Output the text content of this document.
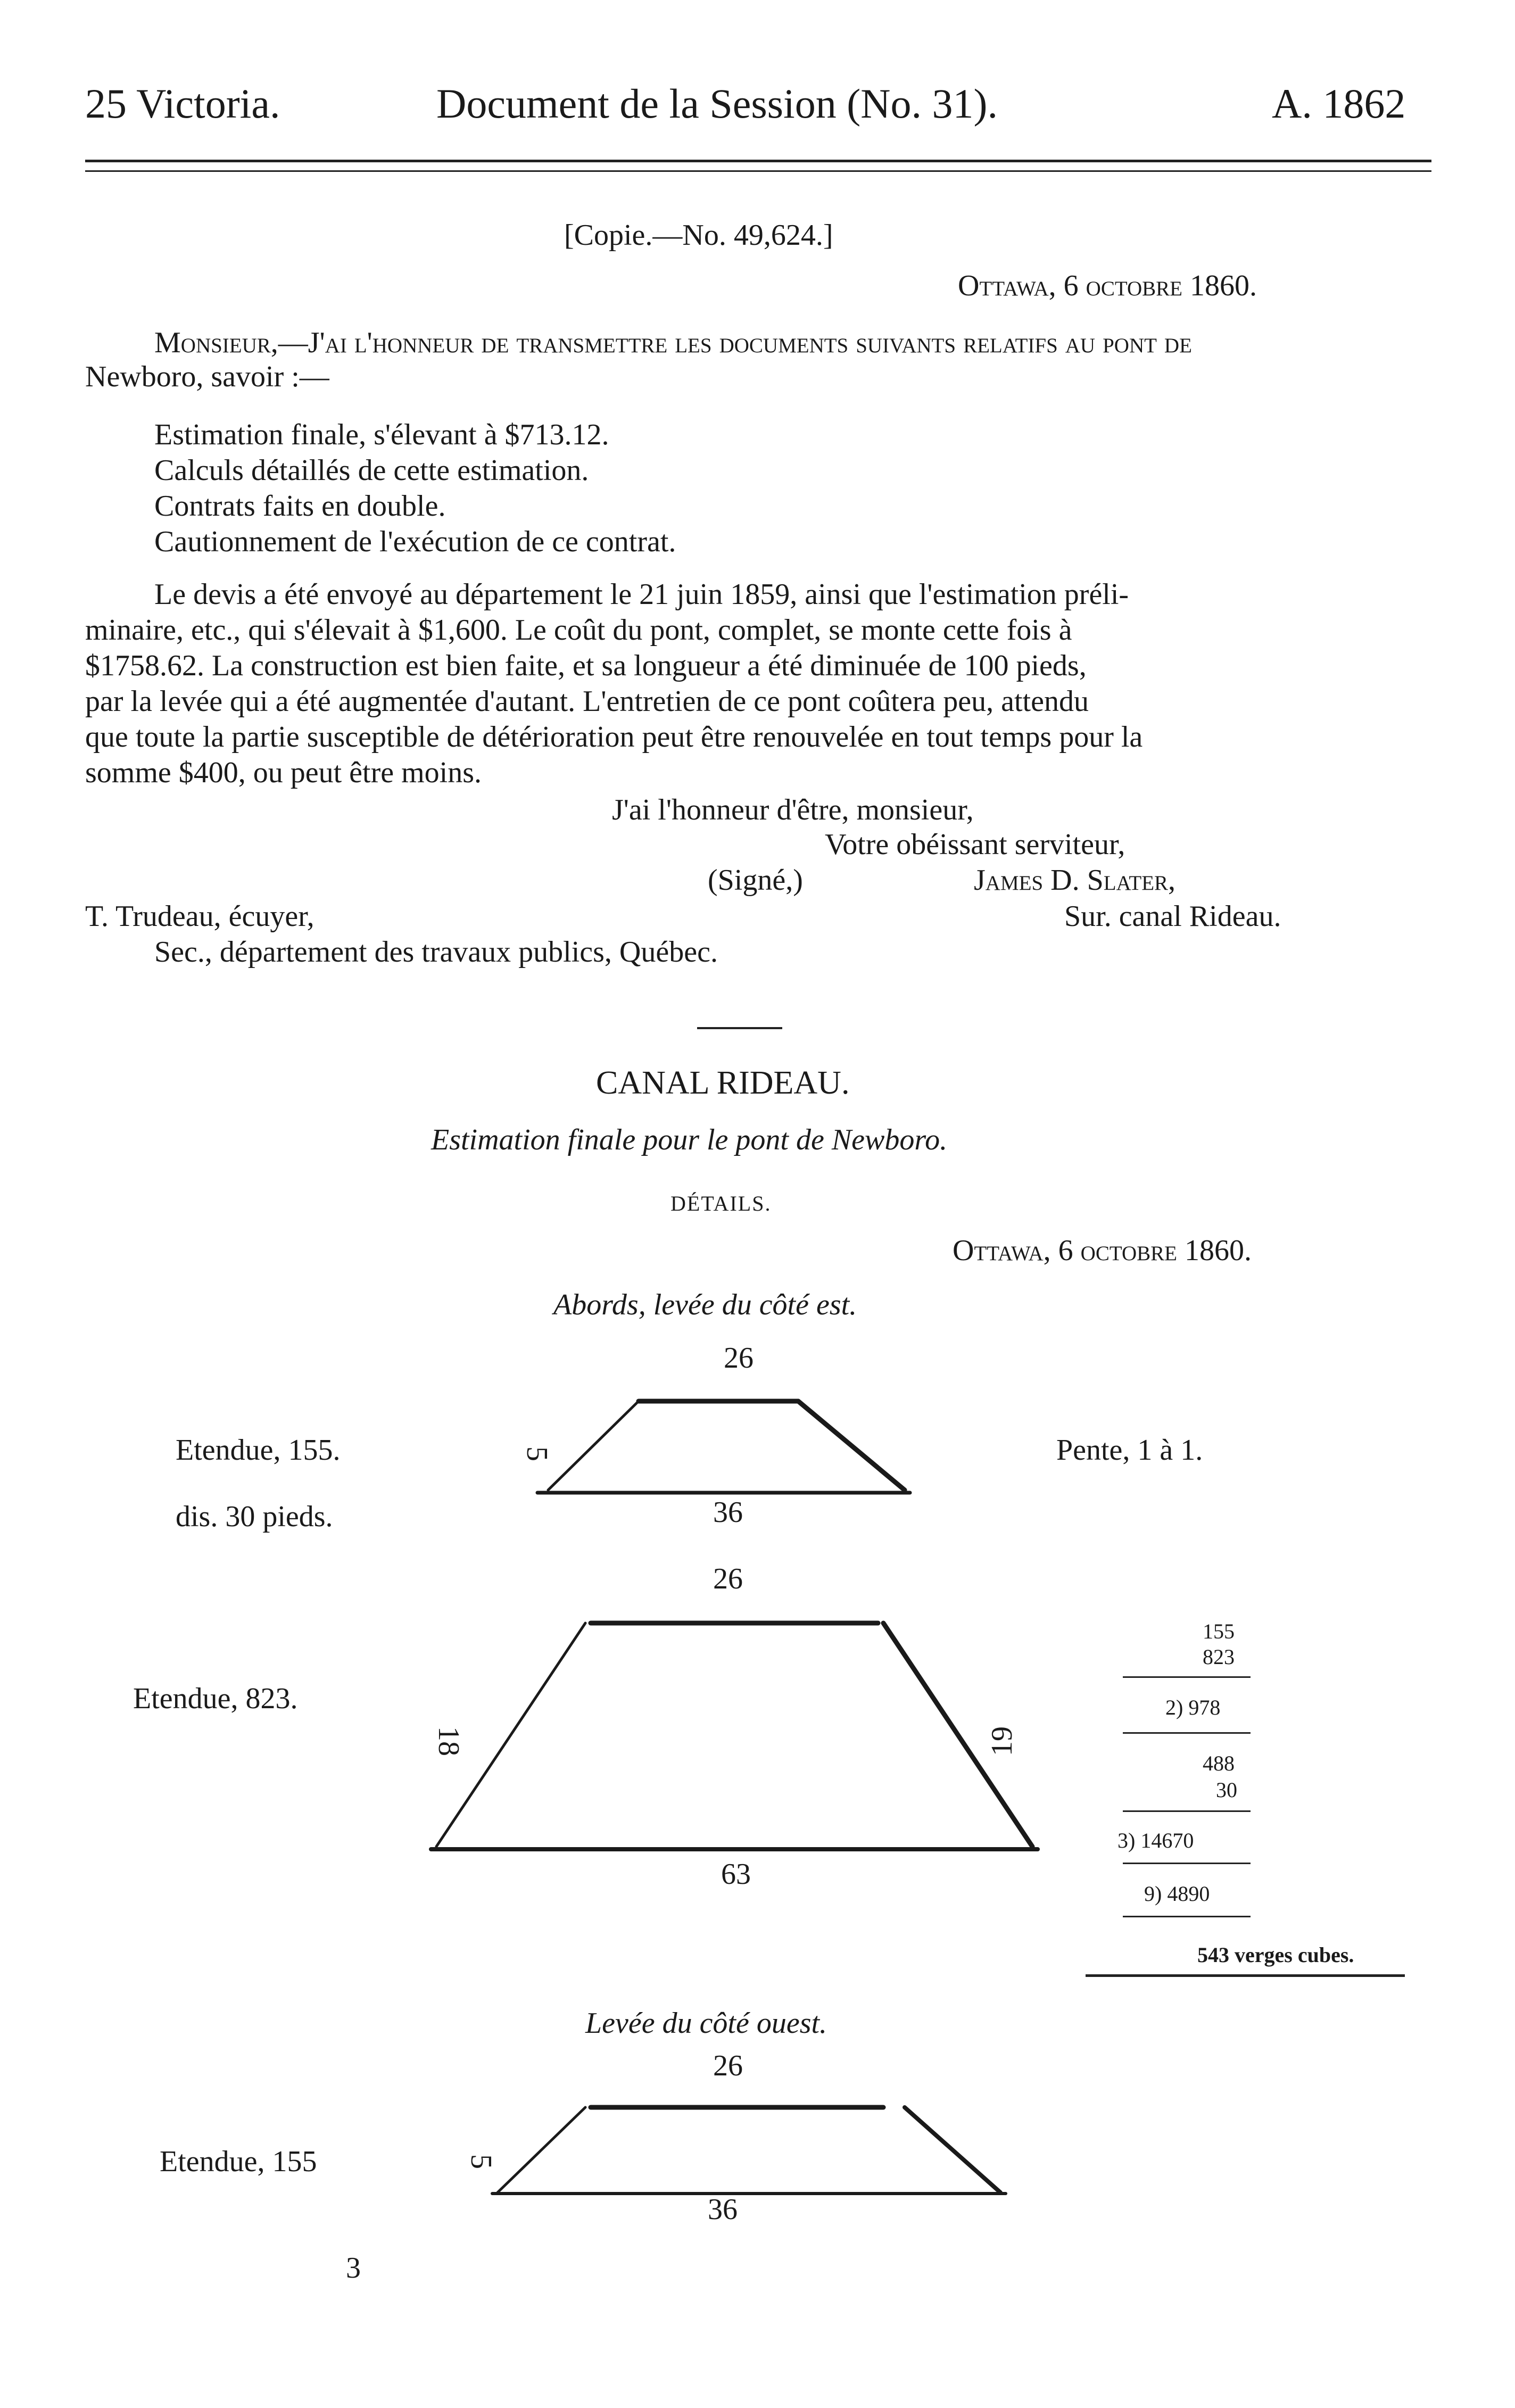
25 Victoria.	Document de la Session (No. 31).	A. 1862
[Copie.—No. 49,624.]
Ottawa, 6 octobre 1860.
Monsieur,—J'ai l'honneur de transmettre les documents suivants relatifs au pont de
Newboro, savoir :—
Estimation finale, s'élevant à $713.12.
Calculs détaillés de cette estimation.
Contrats faits en double.
Cautionnement de l'exécution de ce contrat.
Le devis a été envoyé au département le 21 juin 1859, ainsi que l'estimation préli-
minaire, etc., qui s'élevait à $1,600. Le coût du pont, complet, se monte cette fois à
$1758.62. La construction est bien faite, et sa longueur a été diminuée de 100 pieds,
par la levée qui a été augmentée d'autant. L'entretien de ce pont coûtera peu, attendu
que toute la partie susceptible de détérioration peut être renouvelée en tout temps pour la
somme $400, ou peut être moins.
J'ai l'honneur d'être, monsieur,
Votre obéissant serviteur,
(Signé,)	James D. Slater,
T. Trudeau, écuyer,	Sur. canal Rideau.
Sec., département des travaux publics, Québec.
CANAL RIDEAU.
Estimation finale pour le pont de Newboro.
DÉTAILS.
Ottawa, 6 octobre 1860.
Abords, levée du côté est.
26
5
36
Etendue, 155.
dis. 30 pieds.
Pente, 1 à 1.
26
18	19
63
Etendue, 823.
155
823
2) 978
488
30
3) 14670
9) 4890
543 verges cubes.
Levée du côté ouest.
26
5
36
Etendue, 155
3
